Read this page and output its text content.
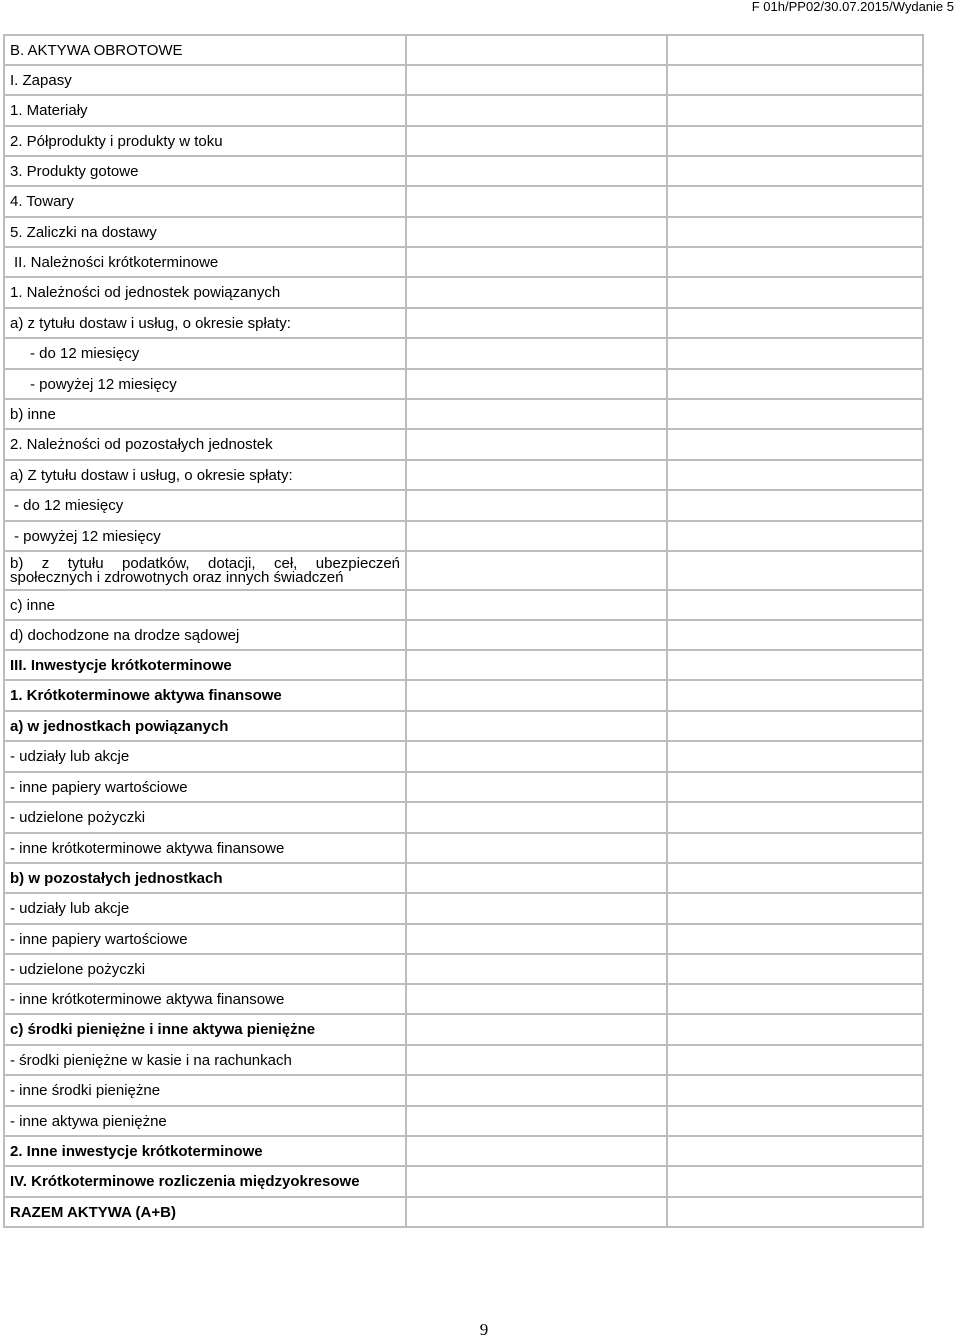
F 01h/PP02/30.07.2015/Wydanie 5
B. AKTYWA OBROTOWE		

I. Zapasy		

1. Materiały		

2. Półprodukty i produkty w toku		

3. Produkty gotowe		

4. Towary		

5. Zaliczki na dostawy		

II. Należności krótkoterminowe		

1. Należności od jednostek powiązanych		

a) z tytułu dostaw i usług, o okresie spłaty:		

- do 12 miesięcy		

- powyżej 12 miesięcy		

b) inne		

2. Należności od pozostałych jednostek		

a) Z tytułu dostaw i usług, o okresie spłaty:		

- do 12 miesięcy		

- powyżej 12 miesięcy		

b) z tytułu podatków, dotacji, ceł, ubezpieczeń społecznych i zdrowotnych oraz innych świadczeń		

c) inne		

d) dochodzone na drodze sądowej		

III. Inwestycje krótkoterminowe		

1. Krótkoterminowe aktywa finansowe		

a) w jednostkach powiązanych		

- udziały lub akcje		

- inne papiery wartościowe		

- udzielone pożyczki		

- inne krótkoterminowe aktywa finansowe		

b) w pozostałych jednostkach		

- udziały lub akcje		

- inne papiery wartościowe		

- udzielone pożyczki		

- inne krótkoterminowe aktywa finansowe		

c) środki pieniężne i inne aktywa pieniężne		

- środki pieniężne w kasie i na rachunkach		

- inne środki pieniężne		

- inne aktywa pieniężne		

2. Inne inwestycje krótkoterminowe		

IV. Krótkoterminowe rozliczenia międzyokresowe		

RAZEM AKTYWA (A+B)		

9
